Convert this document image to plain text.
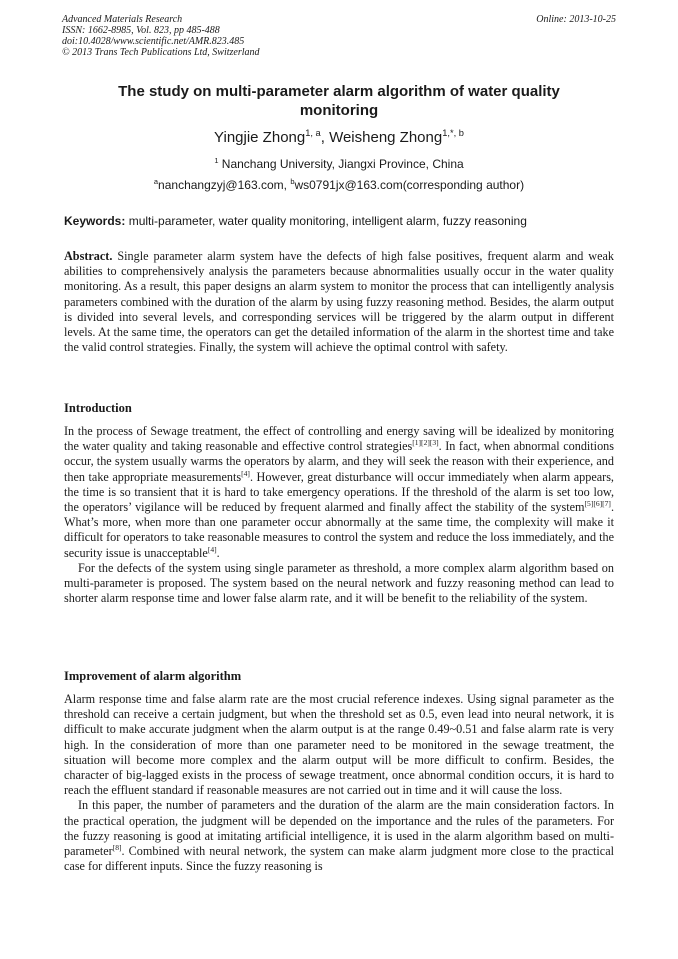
Advanced Materials Research
ISSN: 1662-8985, Vol. 823, pp 485-488
doi:10.4028/www.scientific.net/AMR.823.485
© 2013 Trans Tech Publications Ltd, Switzerland
Online: 2013-10-25
The study on multi-parameter alarm algorithm of water quality monitoring
Yingjie Zhong$^{1, a}$, Weisheng Zhong$^{1,*, b}$
$^1$ Nanchang University, Jiangxi Province, China
$^a$nanchangzyj@163.com, $^b$ws0791jx@163.com(corresponding author)
Keywords: multi-parameter, water quality monitoring, intelligent alarm, fuzzy reasoning

Abstract. Single parameter alarm system have the defects of high false positives, frequent alarm and weak abilities to comprehensively analysis the parameters because abnormalities usually occur in the water quality monitoring. As a result, this paper designs an alarm system to monitor the process that can intelligently analysis parameters combined with the duration of the alarm by using fuzzy reasoning method. Besides, the alarm output is divided into several levels, and corresponding services will be triggered by the alarm output in different levels. At the same time, the operators can get the detailed information of the alarm in the shortest time and take the valid control strategies. Finally, the system will achieve the optimal control with safety.

Introduction

In the process of Sewage treatment, the effect of controlling and energy saving will be idealized by monitoring the water quality and taking reasonable and effective control strategies[1][2][3]. In fact, when abnormal conditions occur, the system usually warms the operators by alarm, and they will seek the reason with their experience, and then take appropriate measurements[4]. However, great disturbance will occur immediately when alarm appears, the time is so transient that it is hard to take emergency operations. If the threshold of the alarm is set too low, the operators’ vigilance will be reduced by frequent alarmed and finally affect the stability of the system[5][6][7]. What’s more, when more than one parameter occur abnormally at the same time, the complexity will make it difficult for operators to take reasonable measures to control the system and reduce the loss immediately, and the security issue is unacceptable[4].

For the defects of the system using single parameter as threshold, a more complex alarm algorithm based on multi-parameter is proposed. The system based on the neural network and fuzzy reasoning method can lead to shorter alarm response time and lower false alarm rate, and it will be benefit to the reliability of the system.

Improvement of alarm algorithm

Alarm response time and false alarm rate are the most crucial reference indexes. Using signal parameter as the threshold can receive a certain judgment, but when the threshold set as 0.5, even lead into neural network, it is difficult to make accurate judgment when the alarm output is at the range 0.49~0.51 and false alarm rate is very high. In the consideration of more than one parameter need to be monitored in the sewage treatment, the situation will become more complex and the alarm output will be more difficult to confirm. Besides, the character of big-lagged exists in the process of sewage treatment, once abnormal condition occurs, it is hard to reach the effluent standard if reasonable measures are not carried out in time and it will cause the loss.

In this paper, the number of parameters and the duration of the alarm are the main consideration factors. In the practical operation, the judgment will be depended on the importance and the rules of the parameters. For the fuzzy reasoning is good at imitating artificial intelligence, it is used in the alarm algorithm based on multi-parameter[8]. Combined with neural network, the system can make alarm judgment more close to the practical case for different inputs. Since the fuzzy reasoning is
